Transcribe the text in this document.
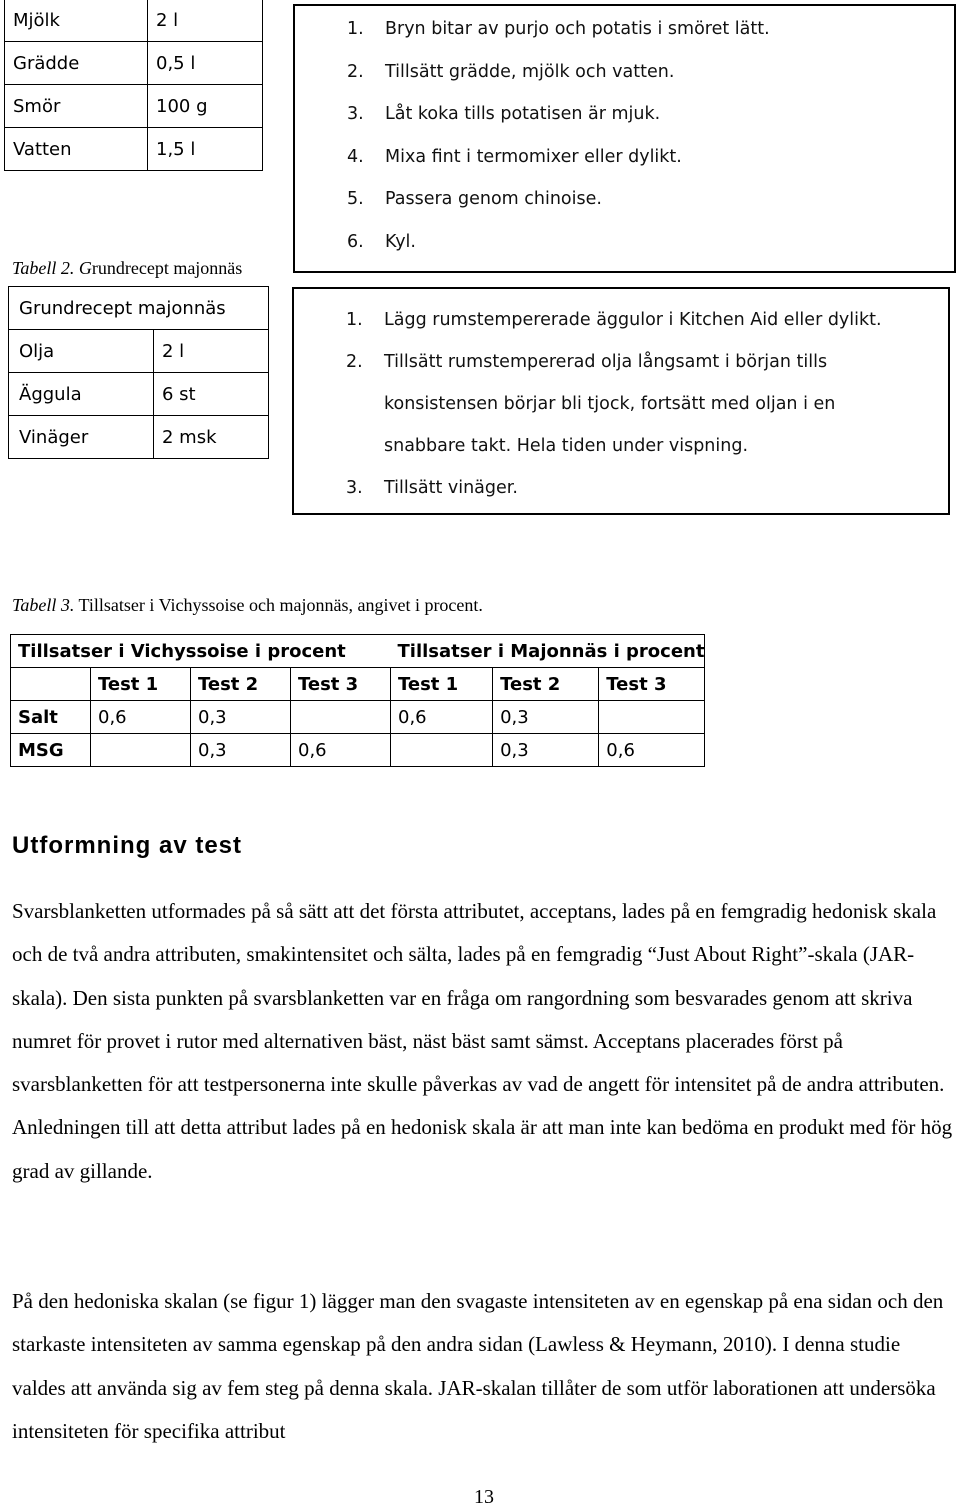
Mjölk	2 l
Grädde	0,5 l
Smör	100 g
Vatten	1,5 l
1. Bryn bitar av purjo och potatis i smöret lätt.
2. Tillsätt grädde, mjölk och vatten.
3. Låt koka tills potatisen är mjuk.
4. Mixa fint i termomixer eller dylikt.
5. Passera genom chinoise.
6. Kyl.
Tabell 2. Grundrecept majonnäs
Grundrecept majonnäs	
Olja	2 l
Äggula	6 st
Vinäger	2 msk
1. Lägg rumstempererade äggulor i Kitchen Aid eller dylikt.
2. Tillsätt rumstempererad olja långsamt i början tills konsistensen börjar bli tjock, fortsätt med oljan i en snabbare takt. Hela tiden under vispning.
3. Tillsätt vinäger.
Tabell 3. Tillsatser i Vichyssoise och majonnäs, angivet i procent.
Tillsatser i Vichyssoise i procent				Tillsatser i Majonnäs i procent		
	Test 1	Test 2	Test 3	Test 1	Test 2	Test 3
Salt	0,6	0,3		0,6	0,3	
MSG		0,3	0,6		0,3	0,6
Utformning av test

Svarsblanketten utformades på så sätt att det första attributet, acceptans, lades på en femgradig hedonisk skala och de två andra attributen, smakintensitet och sälta, lades på en femgradig “Just About Right”-skala (JAR-skala). Den sista punkten på svarsblanketten var en fråga om rangordning som besvarades genom att skriva numret för provet i rutor med alternativen bäst, näst bäst samt sämst. Acceptans placerades först på svarsblanketten för att testpersonerna inte skulle påverkas av vad de angett för intensitet på de andra attributen. Anledningen till att detta attribut lades på en hedonisk skala är att man inte kan bedöma en produkt med för hög grad av gillande.

På den hedoniska skalan (se figur 1) lägger man den svagaste intensiteten av en egenskap på ena sidan och den starkaste intensiteten av samma egenskap på den andra sidan (Lawless & Heymann, 2010). I denna studie valdes att använda sig av fem steg på denna skala. JAR-skalan tillåter de som utför laborationen att undersöka intensiteten för specifika attribut

13
